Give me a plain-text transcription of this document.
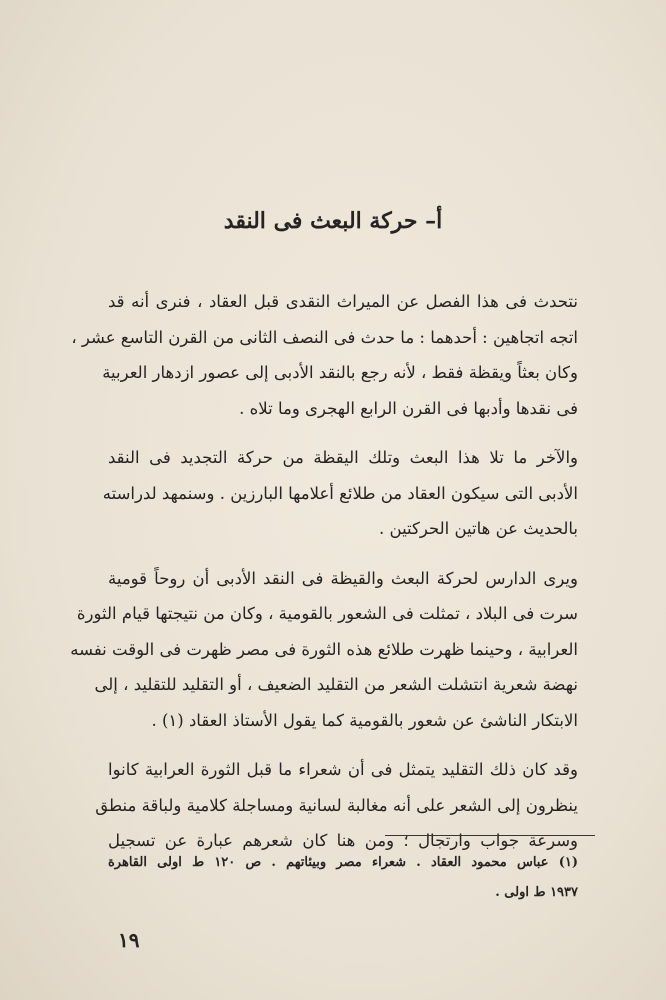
أ– حركة البعث فى النقد

نتحدث فى هذا الفصل عن الميراث النقدى قبل العقاد ، فنرى أنه قد
اتجه اتجاهين : أحدهما : ما حدث فى النصف الثانى من القرن التاسع عشر ،
وكان بعثاً ويقظة فقط ، لأنه رجع بالنقد الأدبى إلى عصور ازدهار العربية
فى نقدها وأدبها فى القرن الرابع الهجرى وما تلاه .

والآخر ما تلا هذا البعث وتلك اليقظة من حركة التجديد فى النقد
الأدبى التى سيكون العقاد من طلائع أعلامها البارزين . وسنمهد لدراسته
بالحديث عن هاتين الحركتين .

ويرى الدارس لحركة البعث والقيظة فى النقد الأدبى أن روحاً قومية
سرت فى البلاد ، تمثلت فى الشعور بالقومية ، وكان من نتيجتها قيام الثورة
العرابية ، وحينما ظهرت طلائع هذه الثورة فى مصر ظهرت فى الوقت نفسه
نهضة شعرية انتشلت الشعر من التقليد الضعيف ، أو التقليد للتقليد ، إلى
الابتكار الناشئ عن شعور بالقومية كما يقول الأستاذ العقاد (١) .

وقد كان ذلك التقليد يتمثل فى أن شعراء ما قبل الثورة العرابية كانوا
ينظرون إلى الشعر على أنه مغالبة لسانية ومساجلة كلامية ولباقة منطق
وسرعة جواب وارتجال ؛ ومن هنا كان شعرهم عبارة عن تسجيل

(١) عباس محمود العقاد . شعراء مصر وبيئاتهم . ص ١٢٠ ط اولى القاهرة
١٩٣٧ ط اولى .
١٩
